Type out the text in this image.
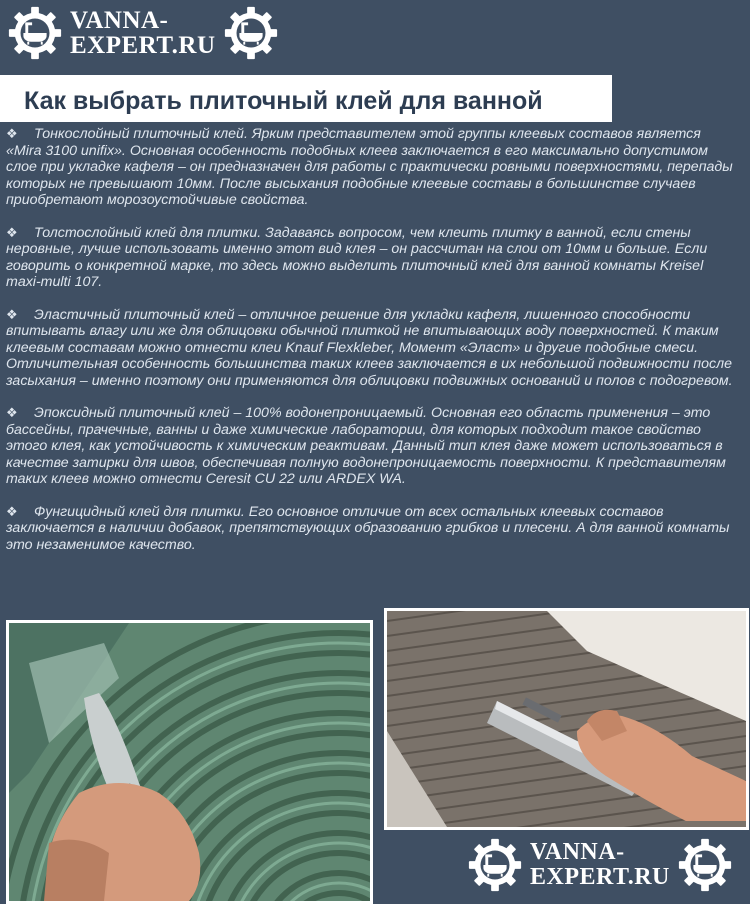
VANNA-
EXPERT.RU
Как выбрать плиточный клей для ванной

❖ Тонкослойный плиточный клей. Ярким представителем этой группы клеевых составов является «Mira 3100 unifix». Основная особенность подобных клеев заключается в его максимально допустимом слое при укладке кафеля – он предназначен для работы с практически ровными поверхностями, перепады которых не превышают 10мм. После высыхания подобные клеевые составы в большинстве случаев приобретают морозоустойчивые свойства.

❖ Толстослойный клей для плитки. Задаваясь вопросом, чем клеить плитку в ванной, если стены неровные, лучше использовать именно этот вид клея – он рассчитан на слои от 10мм и больше. Если говорить о конкретной марке, то здесь можно выделить плиточный клей для ванной комнаты Kreisel maxi-multi 107.

❖ Эластичный плиточный клей – отличное решение для укладки кафеля, лишенного способности впитывать влагу или же для облицовки обычной плиткой не впитывающих воду поверхностей. К таким клеевым составам можно отнести клеи Knauf Flexkleber, Момент «Эласт» и другие подобные смеси. Отличительная особенность большинства таких клеев заключается в их небольшой подвижности после засыхания – именно поэтому они применяются для облицовки подвижных оснований и полов с подогревом.

❖ Эпоксидный плиточный клей – 100% водонепроницаемый. Основная его область применения – это бассейны, прачечные, ванны и даже химические лаборатории, для которых подходит такое свойство этого клея, как устойчивость к химическим реактивам. Данный тип клея даже может использоваться в качестве затирки для швов, обеспечивая полную водонепроницаемость поверхности. К представителям таких клеев можно отнести Ceresit CU 22 или ARDEX WA.

❖ Фунгицидный клей для плитки. Его основное отличие от всех остальных клеевых составов заключается в наличии добавок, препятствующих образованию грибков и плесени. А для ванной комнаты это незаменимое качество.

VANNA-
EXPERT.RU
